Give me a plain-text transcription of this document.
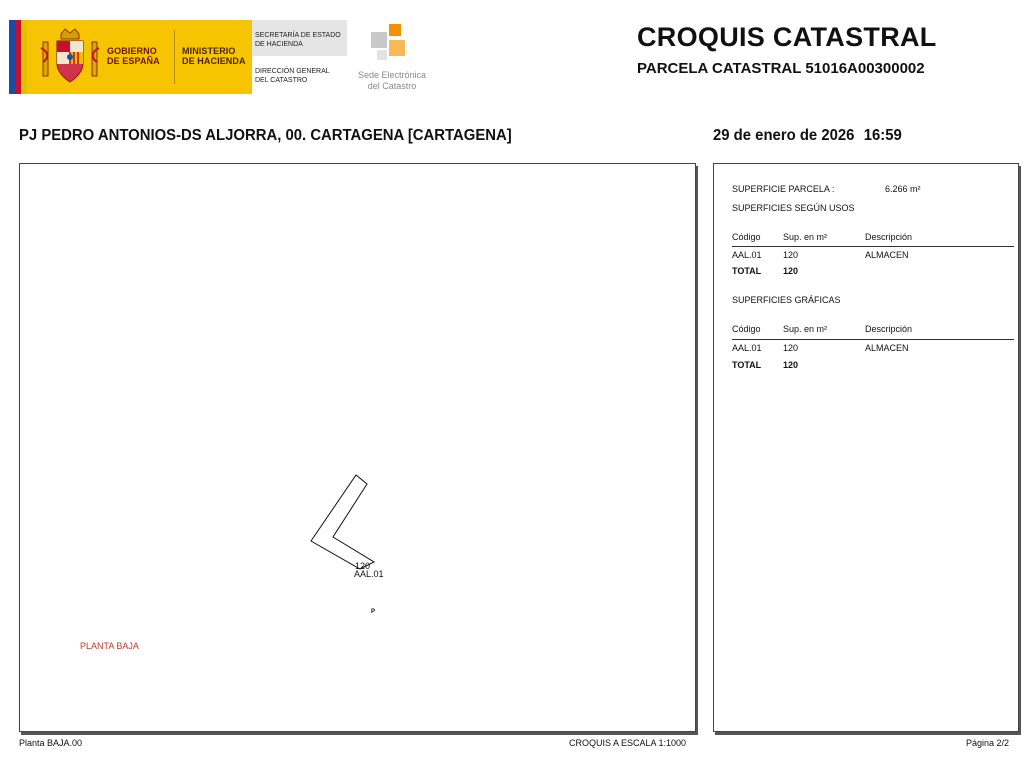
GOBIERNO
DE ESPAÑA
MINISTERIO
DE HACIENDA
SECRETARÍA DE ESTADO
DE HACIENDA
DIRECCIÓN GENERAL
DEL CATASTRO
Sede Electrónica
del Catastro
CROQUIS CATASTRAL
PARCELA CATASTRAL 51016A00300002
PJ PEDRO ANTONIOS-DS ALJORRA, 00. CARTAGENA [CARTAGENA]	29 de enero de 2026 16:59
120
AAL.01
P
PLANTA BAJA
Planta BAJA.00	CROQUIS A ESCALA 1:1000	Página 2/2
SUPERFICIE PARCELA :	6.266 m²
SUPERFICIES SEGÚN USOS
Código Sup. en m²	Descripción
AAL.01 120	ALMACEN
TOTAL 120
SUPERFICIES GRÁFICAS
Código Sup. en m²	Descripción
AAL.01 120	ALMACEN
TOTAL 120
